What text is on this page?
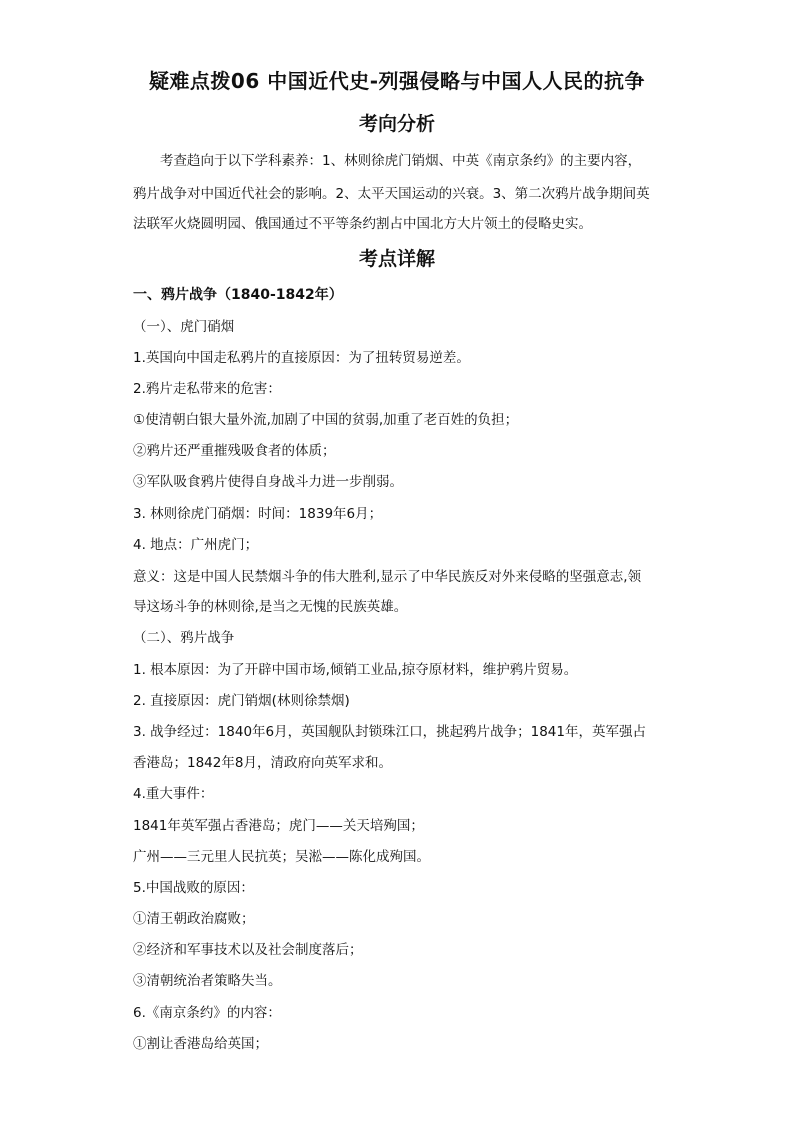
疑难点拨06 中国近代史-列强侵略与中国人人民的抗争
考向分析
考查趋向于以下学科素养：1、林则徐虎门销烟、中英《南京条约》的主要内容，
鸦片战争对中国近代社会的影响。2、太平天国运动的兴衰。3、第二次鸦片战争期间英
法联军火烧圆明园、俄国通过不平等条约割占中国北方大片领土的侵略史实。
考点详解
一、鸦片战争（1840-1842年）
（一）、虎门硝烟
1.英国向中国走私鸦片的直接原因：为了扭转贸易逆差。
2.鸦片走私带来的危害：
①使清朝白银大量外流,加剧了中国的贫弱,加重了老百姓的负担；
②鸦片还严重摧残吸食者的体质；
③军队吸食鸦片使得自身战斗力进一步削弱。
3. 林则徐虎门硝烟：时间：1839年6月；
4. 地点：广州虎门；
意义：这是中国人民禁烟斗争的伟大胜利,显示了中华民族反对外来侵略的坚强意志,领
导这场斗争的林则徐,是当之无愧的民族英雄。
（二）、鸦片战争
1. 根本原因：为了开辟中国市场,倾销工业品,掠夺原材料，维护鸦片贸易。
2. 直接原因：虎门销烟(林则徐禁烟)
3. 战争经过：1840年6月，英国舰队封锁珠江口，挑起鸦片战争；1841年，英军强占
香港岛；1842年8月，清政府向英军求和。
4.重大事件：
1841年英军强占香港岛；虎门——关天培殉国；
广州——三元里人民抗英；吴淞——陈化成殉国。
5.中国战败的原因：
①清王朝政治腐败；
②经济和军事技术以及社会制度落后；
③清朝统治者策略失当。
6.《南京条约》的内容：
①割让香港岛给英国；
